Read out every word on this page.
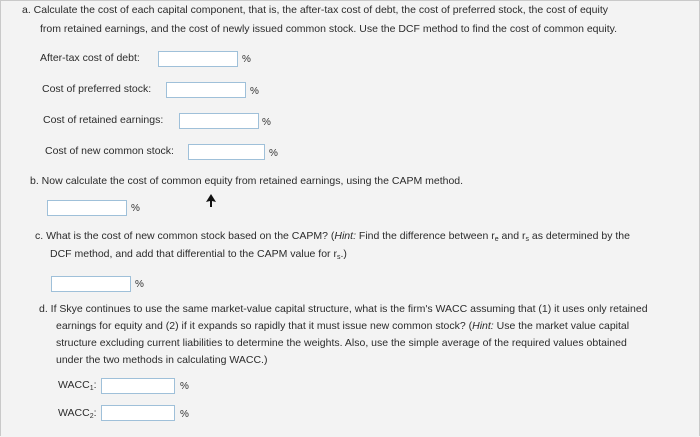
a. Calculate the cost of each capital component, that is, the after-tax cost of debt, the cost of preferred stock, the cost of equity
from retained earnings, and the cost of newly issued common stock. Use the DCF method to find the cost of common equity.
After-tax cost of debt:	%
Cost of preferred stock:	%
Cost of retained earnings:	%
Cost of new common stock:	%
b. Now calculate the cost of common equity from retained earnings, using the CAPM method.
%
c. What is the cost of new common stock based on the CAPM? (Hint: Find the difference between $r_e$ and $r_s$ as determined by the
DCF method, and add that differential to the CAPM value for $r_s$.)
%
d. If Skye continues to use the same market-value capital structure, what is the firm's WACC assuming that (1) it uses only retained
earnings for equity and (2) if it expands so rapidly that it must issue new common stock? (Hint: Use the market value capital
structure excluding current liabilities to determine the weights. Also, use the simple average of the required values obtained
under the two methods in calculating WACC.)
$WACC_1$:	%
$WACC_2$:	%
